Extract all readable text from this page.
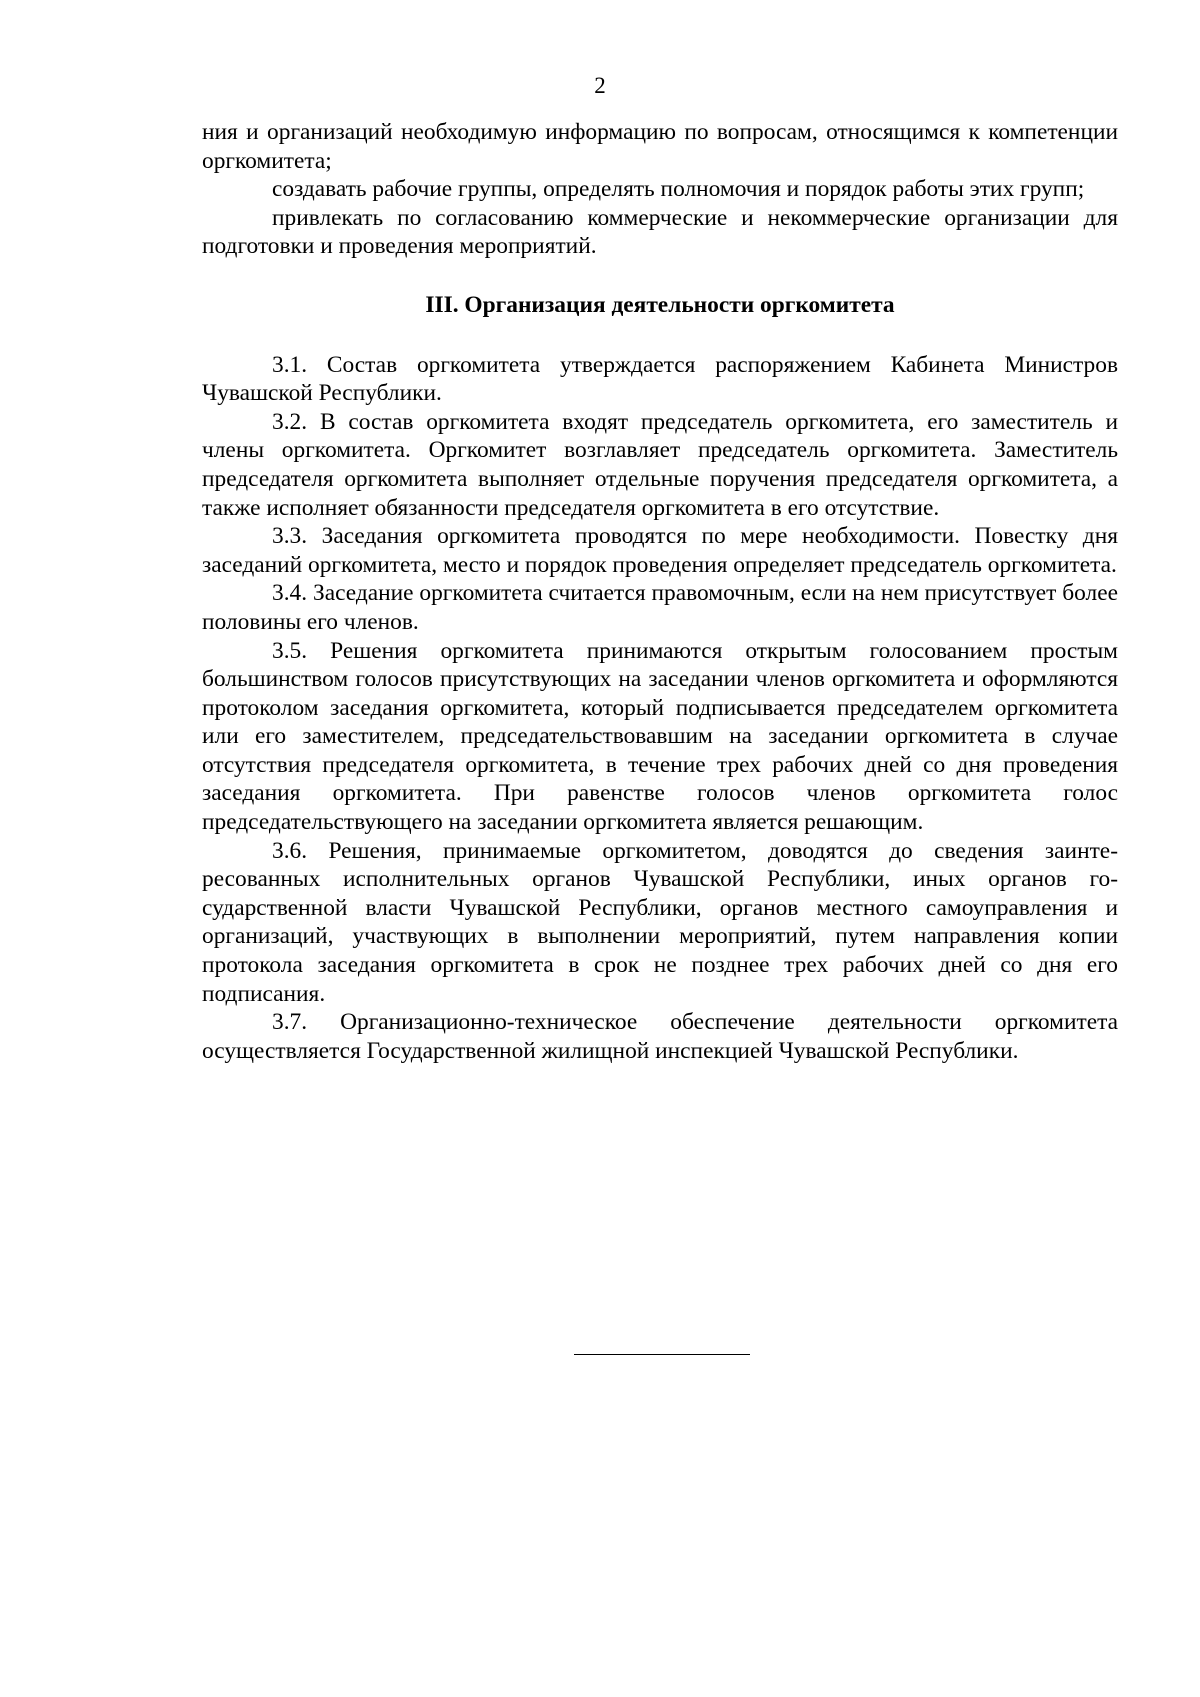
2

ния и организаций необходимую информацию по вопросам, относящимся к компетенции оргкомитета;

создавать рабочие группы, определять полномочия и порядок работы этих групп;

привлекать по согласованию коммерческие и некоммерческие организации для подготовки и проведения мероприятий.

III. Организация деятельности оргкомитета

3.1. Состав оргкомитета утверждается распоряжением Кабинета Министров Чувашской Республики.

3.2. В состав оргкомитета входят председатель оргкомитета, его заместитель и члены оргкомитета. Оргкомитет возглавляет председатель оргкомитета. Заместитель председателя оргкомитета выполняет отдельные поручения председателя оргкомитета, а также исполняет обязанности председателя оргкомитета в его отсутствие.

3.3. Заседания оргкомитета проводятся по мере необходимости. Повестку дня заседаний оргкомитета, место и порядок проведения определяет председатель оргкомитета.

3.4. Заседание оргкомитета считается правомочным, если на нем присутствует более половины его членов.

3.5. Решения оргкомитета принимаются открытым голосованием простым большинством голосов присутствующих на заседании членов оргкомитета и оформляются протоколом заседания оргкомитета, который подписывается председателем оргкомитета или его заместителем, председательствовавшим на заседании оргкомитета в случае отсутствия председателя оргкомитета, в течение трех рабочих дней со дня проведения заседания оргкомитета. При равенстве голосов членов оргкомитета голос председательствующего на заседании оргкомитета является решающим.

3.6. Решения, принимаемые оргкомитетом, доводятся до сведения заинтересованных исполнительных органов Чувашской Республики, иных органов государственной власти Чувашской Республики, органов местного самоуправления и организаций, участвующих в выполнении мероприятий, путем направления копии протокола заседания оргкомитета в срок не позднее трех рабочих дней со дня его подписания.

3.7. Организационно-техническое обеспечение деятельности оргкомитета осуществляется Государственной жилищной инспекцией Чувашской Республики.
